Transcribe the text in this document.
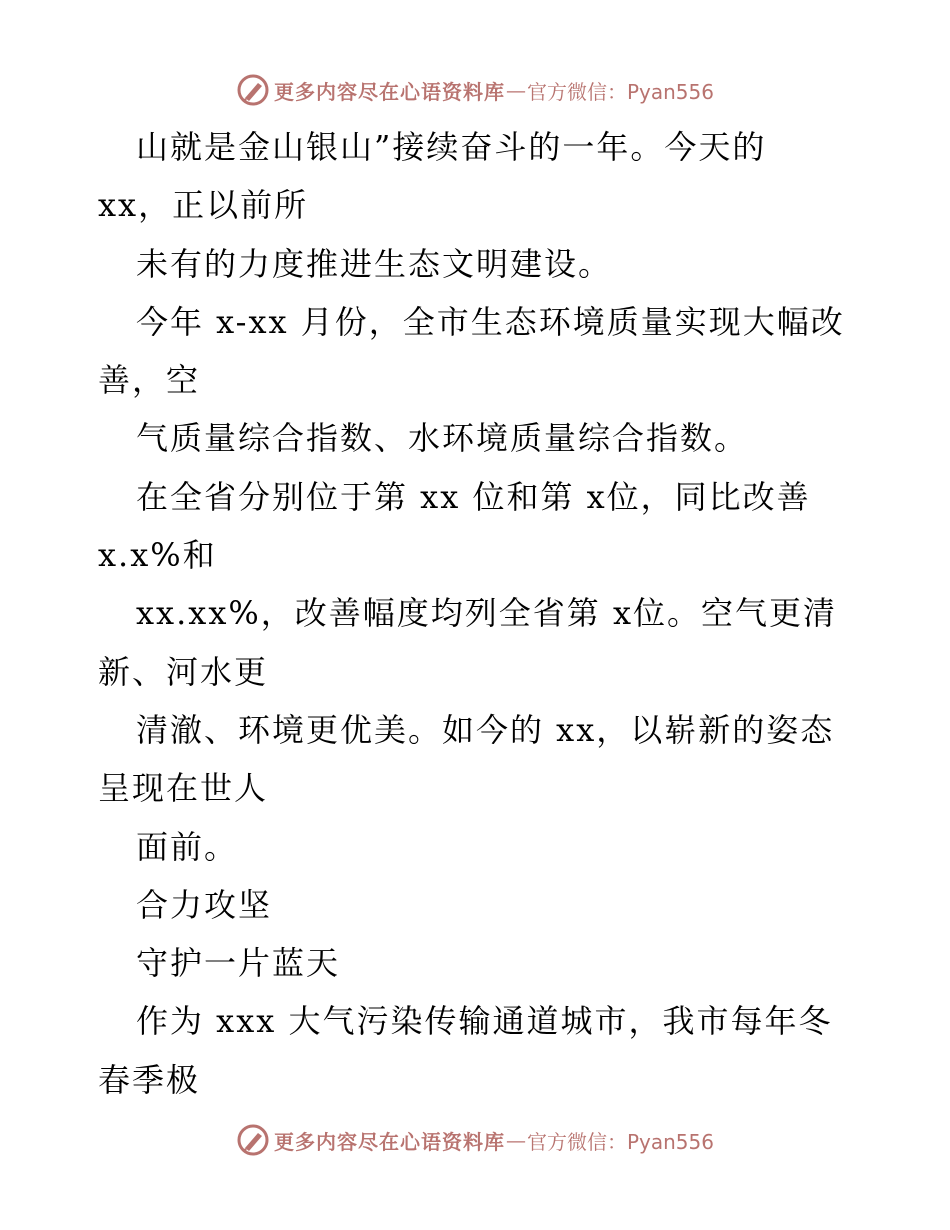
更多内容尽在心语资料库 — 官方微信：Pyan556
山就是金山银山”接续奋斗的一年。今天的
xx，正以前所
未有的力度推进生态文明建设。
今年 x-xx 月份，全市生态环境质量实现大幅改
善，空
气质量综合指数、水环境质量综合指数。
在全省分别位于第 xx 位和第 x位，同比改善
x.x%和
xx.xx%，改善幅度均列全省第 x位。空气更清
新、河水更
清澈、环境更优美。如今的 xx，以崭新的姿态
呈现在世人
面前。
合力攻坚
守护一片蓝天
作为 xxx 大气污染传输通道城市，我市每年冬
春季极
更多内容尽在心语资料库 — 官方微信：Pyan556
